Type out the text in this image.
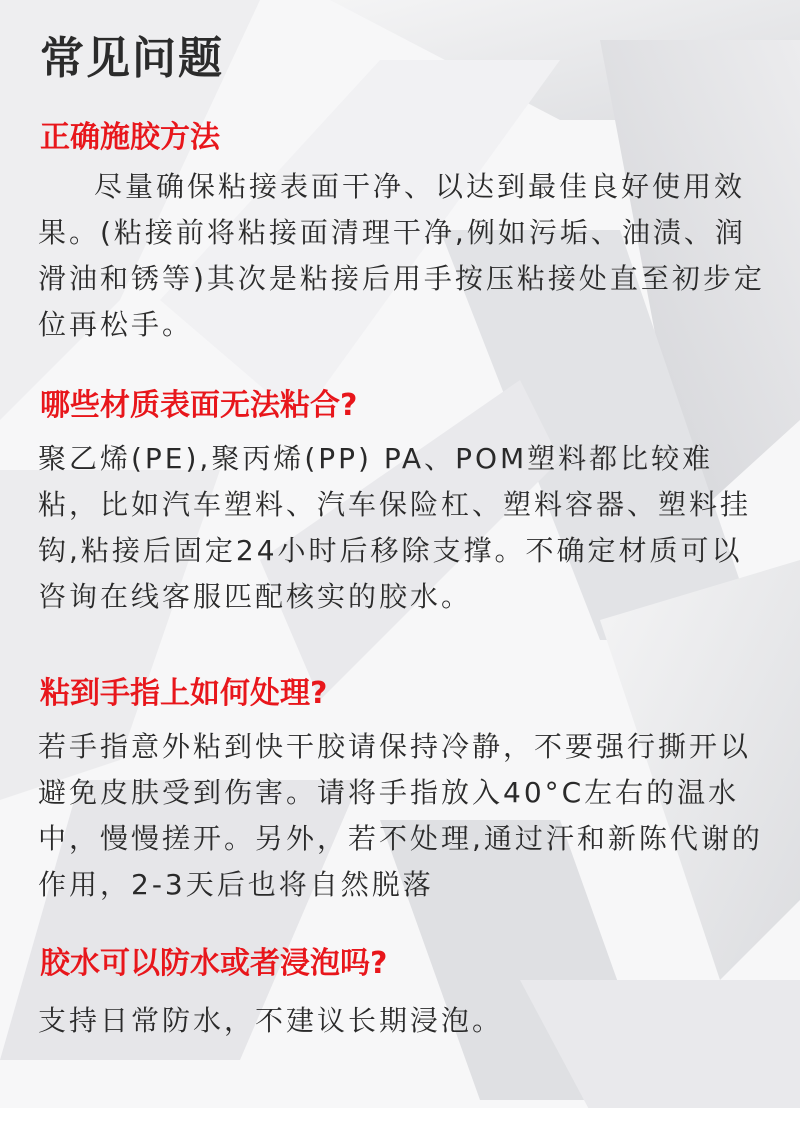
常见问题
正确施胶方法

尽量确保粘接表面干净、以达到最佳良好使用效果。(粘接前将粘接面清理干净,例如污垢、油渍、润滑油和锈等)其次是粘接后用手按压粘接处直至初步定位再松手。

哪些材质表面无法粘合?

聚乙烯(PE),聚丙烯(PP) PA、POM塑料都比较难粘，比如汽车塑料、汽车保险杠、塑料容器、塑料挂钩,粘接后固定24小时后移除支撑。不确定材质可以咨询在线客服匹配核实的胶水。

粘到手指上如何处理?

若手指意外粘到快干胶请保持冷静，不要强行撕开以避免皮肤受到伤害。请将手指放入40°C左右的温水中，慢慢搓开。另外，若不处理,通过汗和新陈代谢的作用，2-3天后也将自然脱落

胶水可以防水或者浸泡吗?

支持日常防水，不建议长期浸泡。
